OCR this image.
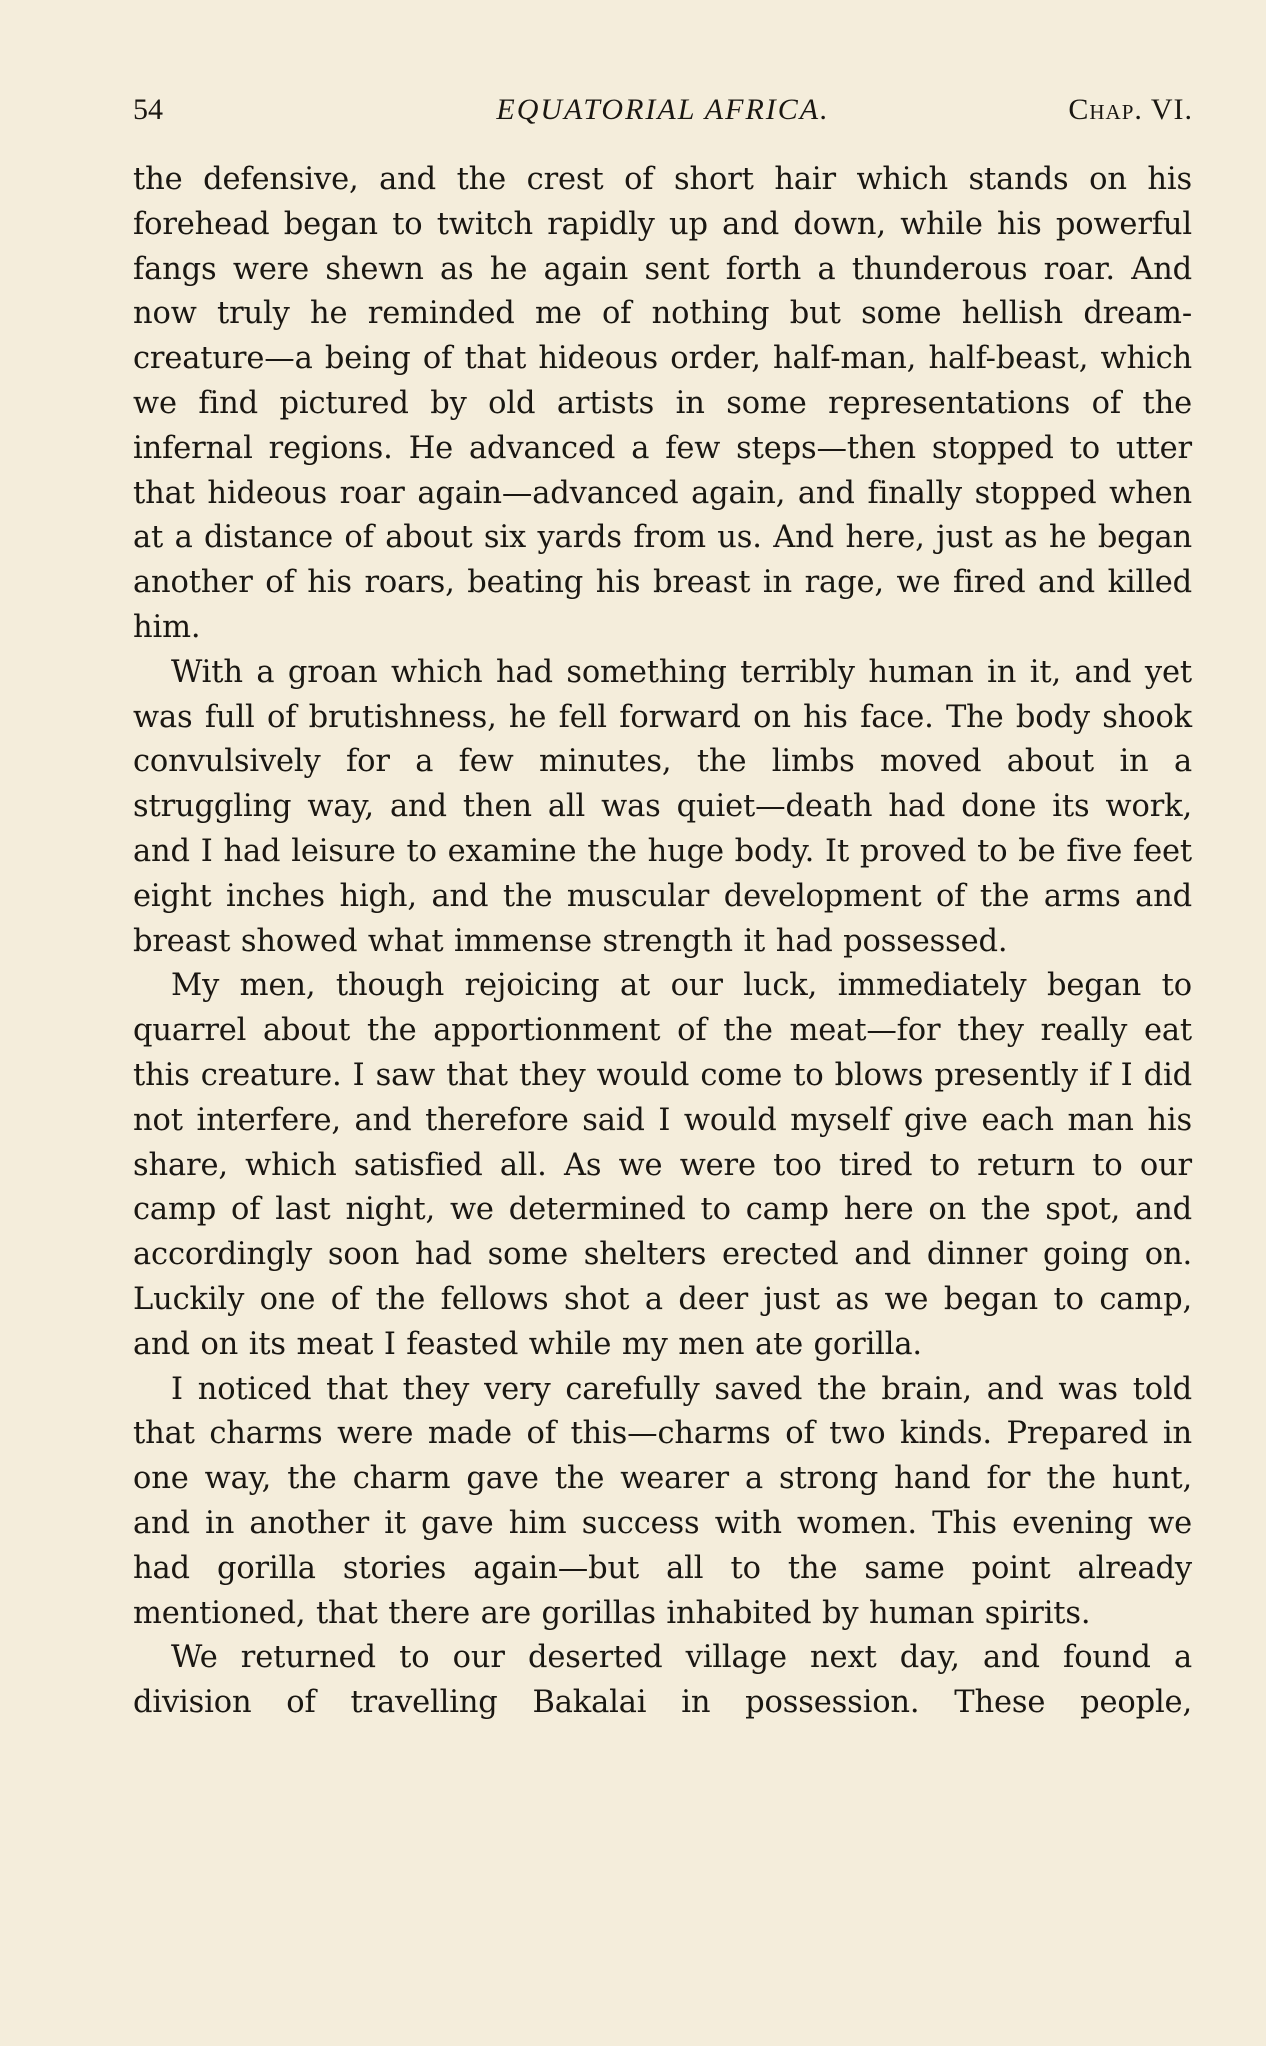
54	EQUATORIAL AFRICA.	Chap. VI.

the defensive, and the crest of short hair which stands on his forehead began to twitch rapidly up and down, while his powerful fangs were shewn as he again sent forth a thunderous roar. And now truly he reminded me of nothing but some hellish dream-creature—a being of that hideous order, half-man, half-beast, which we find pictured by old artists in some representations of the infernal regions. He advanced a few steps—then stopped to utter that hideous roar again—advanced again, and finally stopped when at a distance of about six yards from us. And here, just as he began another of his roars, beating his breast in rage, we fired and killed him.

With a groan which had something terribly human in it, and yet was full of brutishness, he fell forward on his face. The body shook convulsively for a few minutes, the limbs moved about in a struggling way, and then all was quiet—death had done its work, and I had leisure to examine the huge body. It proved to be five feet eight inches high, and the muscular development of the arms and breast showed what immense strength it had possessed.

My men, though rejoicing at our luck, immediately began to quarrel about the apportionment of the meat—for they really eat this creature. I saw that they would come to blows presently if I did not interfere, and therefore said I would myself give each man his share, which satisfied all. As we were too tired to return to our camp of last night, we determined to camp here on the spot, and accordingly soon had some shelters erected and dinner going on. Luckily one of the fellows shot a deer just as we began to camp, and on its meat I feasted while my men ate gorilla.

I noticed that they very carefully saved the brain, and was told that charms were made of this—charms of two kinds. Prepared in one way, the charm gave the wearer a strong hand for the hunt, and in another it gave him success with women. This evening we had gorilla stories again—but all to the same point already mentioned, that there are gorillas inhabited by human spirits.

We returned to our deserted village next day, and found a division of travelling Bakalai in possession. These people,
